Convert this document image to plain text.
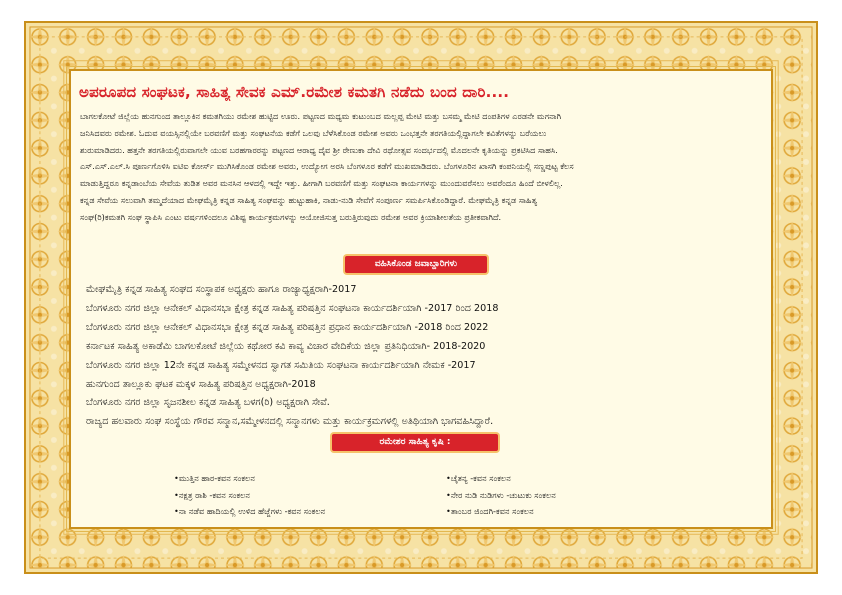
ಅಪರೂಪದ ಸಂಘಟಕ, ಸಾಹಿತ್ಯ ಸೇವಕ ಎಮ್.ರಮೇಶ ಕಮತಗಿ ನಡೆದು ಬಂದ ದಾರಿ....

ಬಾಗಲಕೋಟೆ ಜಿಲ್ಲೆಯ ಹುನಗುಂದ ತಾಲ್ಲೂಕಿನ ಕಮತಗಿಯು ರಮೇಶ ಹುಟ್ಟಿದ ಊರು. ಪಟ್ಟಣದ ಮಧ್ಯಮ ಕುಟುಂಬದ ಮಲ್ಲಪ್ಪ ಮೇಟಿ ಮತ್ತು ಬಸಮ್ಮ ಮೇಟಿ ದಂಪತಿಗಳ ಎರಡನೇ ಮಗನಾಗಿ

ಜನಿಸಿದವರು ರಮೇಶ. ಓದುವ ವಯಸ್ಸಿನಲ್ಲಿಯೇ ಬರವಣಿಗೆ ಮತ್ತು ಸಂಘಟನೆಯ ಕಡೆಗೆ ಒಲವು ಬೆಳೆಸಿಕೊಂಡ ರಮೇಶ ಅವರು ಒಂಭತ್ತನೇ ತರಗತಿಯಲ್ಲಿದ್ದಾಗಲೇ ಕವಿತೆಗಳನ್ನು ಬರೆಯಲು

ಶುರುಮಾಡಿದರು. ಹತ್ತನೇ ತರಗತಿಯಲ್ಲಿರುವಾಗಲೇ ಯುವ ಬರಹಗಾರರನ್ನು ಪಟ್ಟಣದ ಆರಾಧ್ಯ ದೈವ ಶ್ರೀ ರೇಣುಕಾ ದೇವಿ ರಥೋತ್ಸವ ಸಂದರ್ಭದಲ್ಲಿ ಮೊದಲನೇ ಕೃತಿಯನ್ನು ಪ್ರಕಟಿಸಿದ ಸಾಹಸಿ.

ಎಸ್.ಎಸ್.ಎಲ್.ಸಿ ಪೂರ್ಣಗೊಳಿಸಿ ಐಟಿಐ ಕೋರ್ಸ್ ಮುಗಿಸಿಕೊಂಡ ರಮೇಶ ಅವರು, ಉದ್ಯೋಗ ಅರಸಿ ಬೆಂಗಳೂರ ಕಡೆಗೆ ಮುಖಮಾಡಿದರು. ಬೆಂಗಳೂರಿನ ಖಾಸಗಿ ಕಂಪನಿಯಲ್ಲಿ ಸಣ್ಣಪುಟ್ಟ ಕೆಲಸ

ಮಾಡುತ್ತಿದ್ದರೂ ಕನ್ನಡಾಂಬೆಯ ಸೇವೆಯ ತುಡಿತ ಅವರ ಮನಸಿನ ಆಳದಲ್ಲಿ ಇದ್ದೇ ಇತ್ತು. ಹೀಗಾಗಿ ಬರವಣಿಗೆ ಮತ್ತು ಸಂಘಟನಾ ಕಾರ್ಯಗಳನ್ನು ಮುಂದುವರೆಸಲು ಅವರೆಂದೂ ಹಿಂದೆ ಬೀಳಲಿಲ್ಲ.

ಕನ್ನಡ ಸೇವೆಯ ಸಲುವಾಗಿ ತಮ್ಮದೆಯಾದ ಮೇಘಮೈತ್ರಿ ಕನ್ನಡ ಸಾಹಿತ್ಯ ಸಂಘವನ್ನು ಹುಟ್ಟುಹಾಕಿ, ನಾಡು-ನುಡಿ ಸೇವೆಗೆ ಸಂಪೂರ್ಣ ಸಮರ್ಪಿಸಿಕೊಂಡಿದ್ದಾರೆ. ಮೇಘಮೈತ್ರಿ ಕನ್ನಡ ಸಾಹಿತ್ಯ

ಸಂಘ(ರಿ)ಕಮತಗಿ ಸಂಘ ಸ್ಥಾಪಿಸಿ ಎಂಟು ವರ್ಷಗಳಿಂದಲೂ ವಿಶಿಷ್ಟ ಕಾರ್ಯಕ್ರಮಗಳನ್ನು ಆಯೋಜಿಸುತ್ತ ಬರುತ್ತಿರುವುದು ರಮೇಶ ಅವರ ಕ್ರಿಯಾಶೀಲತೆಯ ಪ್ರತೀಕವಾಗಿದೆ.

ವಹಿಸಿಕೊಂಡ ಜವಾಬ್ದಾರಿಗಳು
ಮೇಘಮೈತ್ರಿ ಕನ್ನಡ ಸಾಹಿತ್ಯ ಸಂಘದ ಸಂಸ್ಥಾಪಕ ಅಧ್ಯಕ್ಷರು ಹಾಗೂ ರಾಜ್ಯಾಧ್ಯಕ್ಷರಾಗಿ-2017
ಬೆಂಗಳೂರು ನಗರ ಜಿಲ್ಲಾ ಆನೇಕಲ್ ವಿಧಾನಸಭಾ ಕ್ಷೇತ್ರ ಕನ್ನಡ ಸಾಹಿತ್ಯ ಪರಿಷತ್ತಿನ ಸಂಘಟನಾ ಕಾರ್ಯದರ್ಶಿಯಾಗಿ -2017 ರಿಂದ 2018
ಬೆಂಗಳೂರು ನಗರ ಜಿಲ್ಲಾ ಆನೇಕಲ್ ವಿಧಾನಸಭಾ ಕ್ಷೇತ್ರ ಕನ್ನಡ ಸಾಹಿತ್ಯ ಪರಿಷತ್ತಿನ ಪ್ರಧಾನ ಕಾರ್ಯದರ್ಶಿಯಾಗಿ -2018 ರಿಂದ 2022
ಕರ್ನಾಟಕ ಸಾಹಿತ್ಯ ಅಕಾಡೆಮಿ ಬಾಗಲಕೋಟೆ ಜಿಲ್ಲೆಯ ಕಥೋರ ಕವಿ ಕಾವ್ಯ ವಿಚಾರ ವೇದಿಕೆಯ ಜಿಲ್ಲಾ ಪ್ರತಿನಿಧಿಯಾಗಿ- 2018-2020
ಬೆಂಗಳೂರು ನಗರ ಜಿಲ್ಲಾ 12ನೇ ಕನ್ನಡ ಸಾಹಿತ್ಯ ಸಮ್ಮೇಳನದ ಸ್ವಾಗತ ಸಮಿತಿಯ ಸಂಘಟನಾ ಕಾರ್ಯದರ್ಶಿಯಾಗಿ ನೇಮಕ -2017
ಹುನಗುಂದ ತಾಲ್ಲೂಕು ಘಟಕ ಮಕ್ಕಳ ಸಾಹಿತ್ಯ ಪರಿಷತ್ತಿನ ಅಧ್ಯಕ್ಷರಾಗಿ-2018
ಬೆಂಗಳೂರು ನಗರ ಜಿಲ್ಲಾ ಸೃಜನಶೀಲ ಕನ್ನಡ ಸಾಹಿತ್ಯ ಬಳಗ(ರಿ) ಅಧ್ಯಕ್ಷರಾಗಿ ಸೇವೆ.
ರಾಜ್ಯದ ಹಲವಾರು ಸಂಘ ಸಂಸ್ಥೆಯ ಗೌರವ ಸನ್ಮಾನ,ಸಮ್ಮೇಳನದಲ್ಲಿ ಸನ್ಮಾನಗಳು ಮತ್ತು ಕಾರ್ಯಕ್ರಮಗಳಲ್ಲಿ ಅತಿಥಿಯಾಗಿ ಭಾಗವಹಿಸಿದ್ದಾರೆ.
ರಮೇಶರ ಸಾಹಿತ್ಯ ಕೃಷಿ :
•ಮುತ್ತಿನ ಹಾರ-ಕವನ ಸಂಕಲನ
•ನಕ್ಷತ್ರ ರಾಶಿ -ಕವನ ಸಂಕಲನ
•ನಾ ನಡೆವ ಹಾದಿಯಲ್ಲಿ ಉಳಿದ ಹೆಜ್ಜೆಗಳು -ಕವನ ಸಂಕಲನ
•ಚೈತನ್ಯ -ಕವನ ಸಂಕಲನ
•ನೇರ ನುಡಿ ನುಡಿಗಳು -ಚುಟುಕು ಸಂಕಲನ
•ತಾಂಬರ ಜಿಂದಗಿ-ಕವನ ಸಂಕಲನ
